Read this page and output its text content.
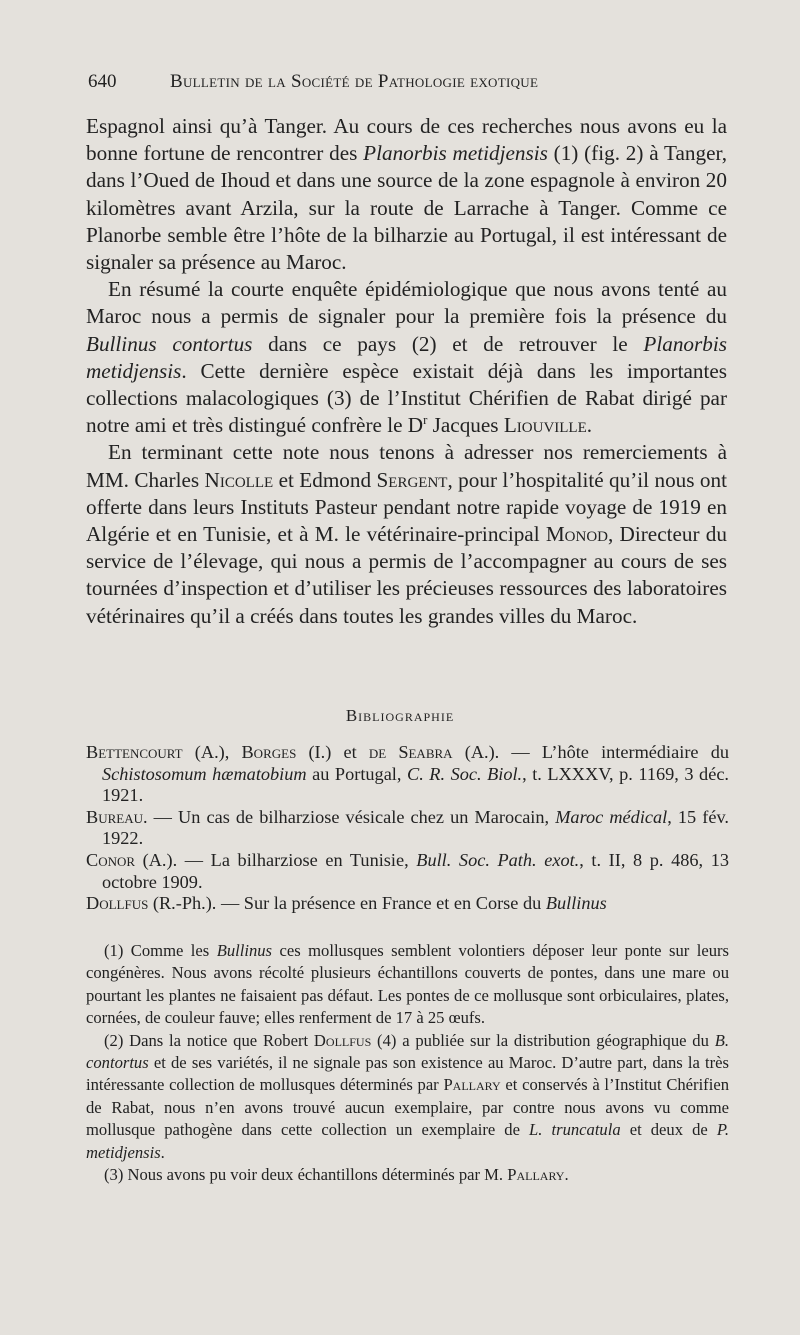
640	Bulletin de la Société de Pathologie exotique

Espagnol ainsi qu’à Tanger. Au cours de ces recherches nous avons eu la bonne fortune de rencontrer des Planorbis metidjensis (1) (fig. 2) à Tanger, dans l’Oued de Ihoud et dans une source de la zone espagnole à environ 20 kilomètres avant Arzila, sur la route de Larrache à Tanger. Comme ce Planorbe semble être l’hôte de la bilharzie au Portugal, il est intéressant de signaler sa présence au Maroc.

En résumé la courte enquête épidémiologique que nous avons tenté au Maroc nous a permis de signaler pour la première fois la présence du Bullinus contortus dans ce pays (2) et de retrouver le Planorbis metidjensis. Cette dernière espèce existait déjà dans les importantes collections malacologiques (3) de l’Institut Chérifien de Rabat dirigé par notre ami et très distingué confrère le $D^r$ Jacques Liouville.

En terminant cette note nous tenons à adresser nos remerciements à MM. Charles Nicolle et Edmond Sergent, pour l’hospitalité qu’il nous ont offerte dans leurs Instituts Pasteur pendant notre rapide voyage de 1919 en Algérie et en Tunisie, et à M. le vétérinaire-principal Monod, Directeur du service de l’élevage, qui nous a permis de l’accompagner au cours de ses tournées d’inspection et d’utiliser les précieuses ressources des laboratoires vétérinaires qu’il a créés dans toutes les grandes villes du Maroc.

Bibliographie

Bettencourt (A.), Borges (I.) et de Seabra (A.). — L’hôte intermédiaire du Schistosomum hæmatobium au Portugal, C. R. Soc. Biol., t. LXXXV, p. 1169, 3 déc. 1921.

Bureau. — Un cas de bilharziose vésicale chez un Marocain, Maroc médical, 15 fév. 1922.

Conor (A.). — La bilharziose en Tunisie, Bull. Soc. Path. exot., t. II, 8 p. 486, 13 octobre 1909.

Dollfus (R.-Ph.). — Sur la présence en France et en Corse du Bullinus

(1) Comme les Bullinus ces mollusques semblent volontiers déposer leur ponte sur leurs congénères. Nous avons récolté plusieurs échantillons couverts de pontes, dans une mare ou pourtant les plantes ne faisaient pas défaut. Les pontes de ce mollusque sont orbiculaires, plates, cornées, de couleur fauve; elles renferment de 17 à 25 œufs.

(2) Dans la notice que Robert Dollfus (4) a publiée sur la distribution géographique du B. contortus et de ses variétés, il ne signale pas son existence au Maroc. D’autre part, dans la très intéressante collection de mollusques déterminés par Pallary et conservés à l’Institut Chérifien de Rabat, nous n’en avons trouvé aucun exemplaire, par contre nous avons vu comme mollusque pathogène dans cette collection un exemplaire de L. truncatula et deux de P. metidjensis.

(3) Nous avons pu voir deux échantillons déterminés par M. Pallary.
